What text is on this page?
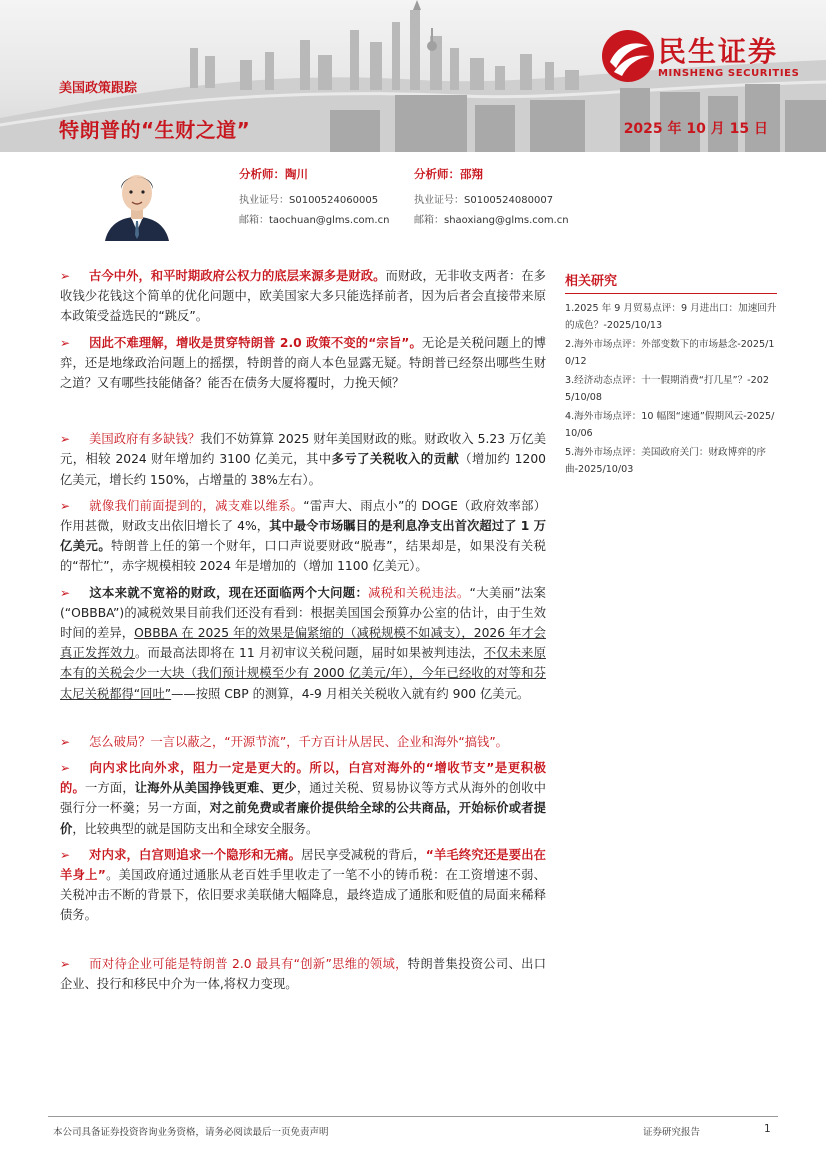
民生证券
MINSHENG SECURITIES
美国政策跟踪
特朗普的“生财之道”	2025 年 10 月 15 日
分析师：陶川
执业证号：S0100524060005
邮箱：taochuan@glms.com.cn
分析师：邵翔
执业证号：S0100524080007
邮箱：shaoxiang@glms.com.cn
➢ 古今中外，和平时期政府公权力的底层来源多是财政。而财政，无非收支两者：在多收钱少花钱这个简单的优化问题中，欧美国家大多只能选择前者，因为后者会直接带来原本政策受益选民的“跳反”。
➢ 因此不难理解，增收是贯穿特朗普 2.0 政策不变的“宗旨”。无论是关税问题上的博弈，还是地缘政治问题上的摇摆，特朗普的商人本色显露无疑。特朗普已经祭出哪些生财之道？又有哪些技能储备？能否在债务大厦将覆时，力挽天倾？
➢ 美国政府有多缺钱？我们不妨算算 2025 财年美国财政的账。财政收入 5.23 万亿美元，相较 2024 财年增加约 3100 亿美元，其中多亏了关税收入的贡献（增加约 1200 亿美元，增长约 150%，占增量的 38%左右）。
➢ 就像我们前面提到的，减支难以维系。“雷声大、雨点小”的 DOGE（政府效率部）作用甚微，财政支出依旧增长了 4%，其中最令市场瞩目的是利息净支出首次超过了 1 万亿美元。特朗普上任的第一个财年，口口声说要财政“脱毒”，结果却是，如果没有关税的“帮忙”，赤字规模相较 2024 年是增加的（增加 1100 亿美元）。
➢ 这本来就不宽裕的财政，现在还面临两个大问题：减税和关税违法。“大美丽”法案(“OBBBA”)的减税效果目前我们还没有看到：根据美国国会预算办公室的估计，由于生效时间的差异，OBBBA 在 2025 年的效果是偏紧缩的（减税规模不如减支），2026 年才会真正发挥效力。而最高法即将在 11 月初审议关税问题，届时如果被判违法，不仅未来原本有的关税会少一大块（我们预计规模至少有 2000 亿美元/年），今年已经收的对等和芬太尼关税都得“回吐”——按照 CBP 的测算，4-9 月相关关税收入就有约 900 亿美元。
➢ 怎么破局？一言以蔽之，“开源节流”，千方百计从居民、企业和海外“搞钱”。
➢ 向内求比向外求，阻力一定是更大的。所以，白宫对海外的“增收节支”是更积极的。一方面，让海外从美国挣钱更难、更少，通过关税、贸易协议等方式从海外的创收中强行分一杯羹；另一方面，对之前免费或者廉价提供给全球的公共商品，开始标价或者提价，比较典型的就是国防支出和全球安全服务。
➢ 对内求，白宫则追求一个隐形和无痛。居民享受减税的背后，“羊毛终究还是要出在羊身上”。美国政府通过通胀从老百姓手里收走了一笔不小的铸币税：在工资增速不弱、关税冲击不断的背景下，依旧要求美联储大幅降息，最终造成了通胀和贬值的局面来稀释债务。
➢ 而对待企业可能是特朗普 2.0 最具有“创新”思维的领域，特朗普集投资公司、出口企业、投行和移民中介为一体,将权力变现。
相关研究
1.2025 年 9 月贸易点评：9 月进出口：加速回升的成色？-2025/10/13
2.海外市场点评：外部变数下的市场悬念-2025/10/12
3.经济动态点评：十一假期消费“打几星”？-2025/10/08
4.海外市场点评：10 幅图“速通”假期风云-2025/10/06
5.海外市场点评：美国政府关门：财政博弈的序曲-2025/10/03
本公司具备证券投资咨询业务资格，请务必阅读最后一页免责声明	证券研究报告	1
